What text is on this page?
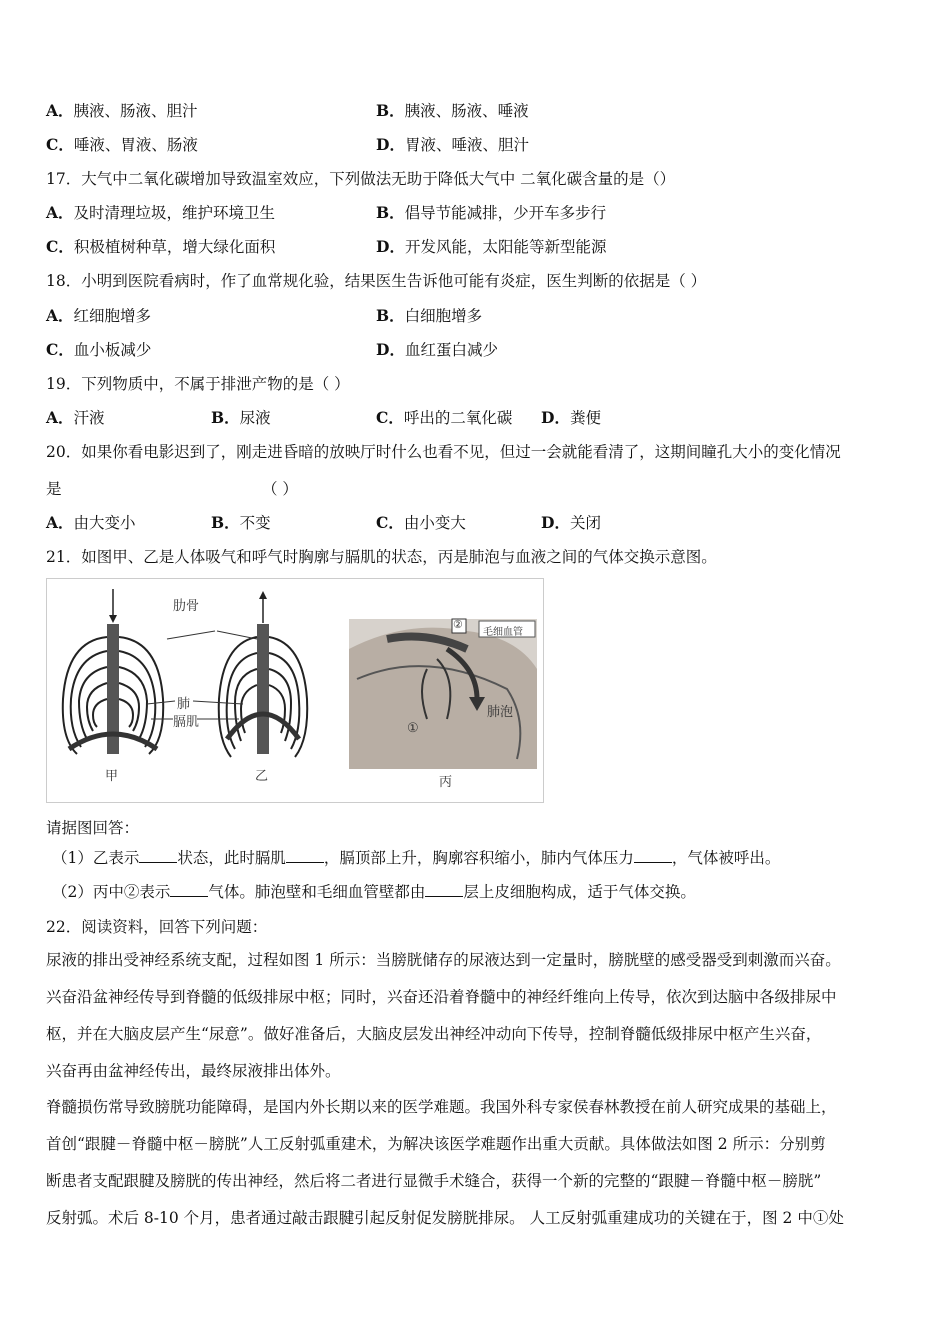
A．胰液、肠液、胆汁	B．胰液、肠液、唾液
C．唾液、胃液、肠液	D．胃液、唾液、胆汁
17．大气中二氧化碳增加导致温室效应，下列做法无助于降低大气中 二氧化碳含量的是（）
A．及时清理垃圾，维护环境卫生	B．倡导节能减排，少开车多步行
C．积极植树种草，增大绿化面积	D．开发风能，太阳能等新型能源
18．小明到医院看病时，作了血常规化验，结果医生告诉他可能有炎症，医生判断的依据是（ ）
A．红细胞增多	B．白细胞增多
C．血小板减少	D．血红蛋白减少
19．下列物质中，不属于排泄产物的是（ ）
A．汗液	B．尿液	C．呼出的二氧化碳 D．粪便
20．如果你看电影迟到了，刚走进昏暗的放映厅时什么也看不见，但过一会就能看清了，这期间瞳孔大小的变化情况
是	（ ）
A．由大变小	B．不变	C．由小变大	D．关闭
21．如图甲、乙是人体吸气和呼气时胸廓与膈肌的状态，丙是肺泡与血液之间的气体交换示意图。
肋骨
肺
膈肌
②
毛细血管
肺泡
①
甲	乙	丙
请据图回答：
（1）乙表示 状态，此时膈肌 ，膈顶部上升，胸廓容积缩小，肺内气体压力 ，气体被呼出。
（2）丙中②表示 气体。肺泡壁和毛细血管壁都由 层上皮细胞构成，适于气体交换。
22．阅读资料，回答下列问题：
尿液的排出受神经系统支配，过程如图 1 所示：当膀胱储存的尿液达到一定量时，膀胱壁的感受器受到刺激而兴奋。
兴奋沿盆神经传导到脊髓的低级排尿中枢；同时，兴奋还沿着脊髓中的神经纤维向上传导，依次到达脑中各级排尿中
枢，并在大脑皮层产生“尿意”。做好准备后，大脑皮层发出神经冲动向下传导，控制脊髓低级排尿中枢产生兴奋，
兴奋再由盆神经传出，最终尿液排出体外。
脊髓损伤常导致膀胱功能障碍，是国内外长期以来的医学难题。我国外科专家侯春林教授在前人研究成果的基础上，
首创“跟腱－脊髓中枢－膀胱”人工反射弧重建术，为解决该医学难题作出重大贡献。具体做法如图 2 所示：分别剪
断患者支配跟腱及膀胱的传出神经，然后将二者进行显微手术缝合，获得一个新的完整的“跟腱－脊髓中枢－膀胱”
反射弧。术后 8-10 个月，患者通过敲击跟腱引起反射促发膀胱排尿。 人工反射弧重建成功的关键在于，图 2 中①处
